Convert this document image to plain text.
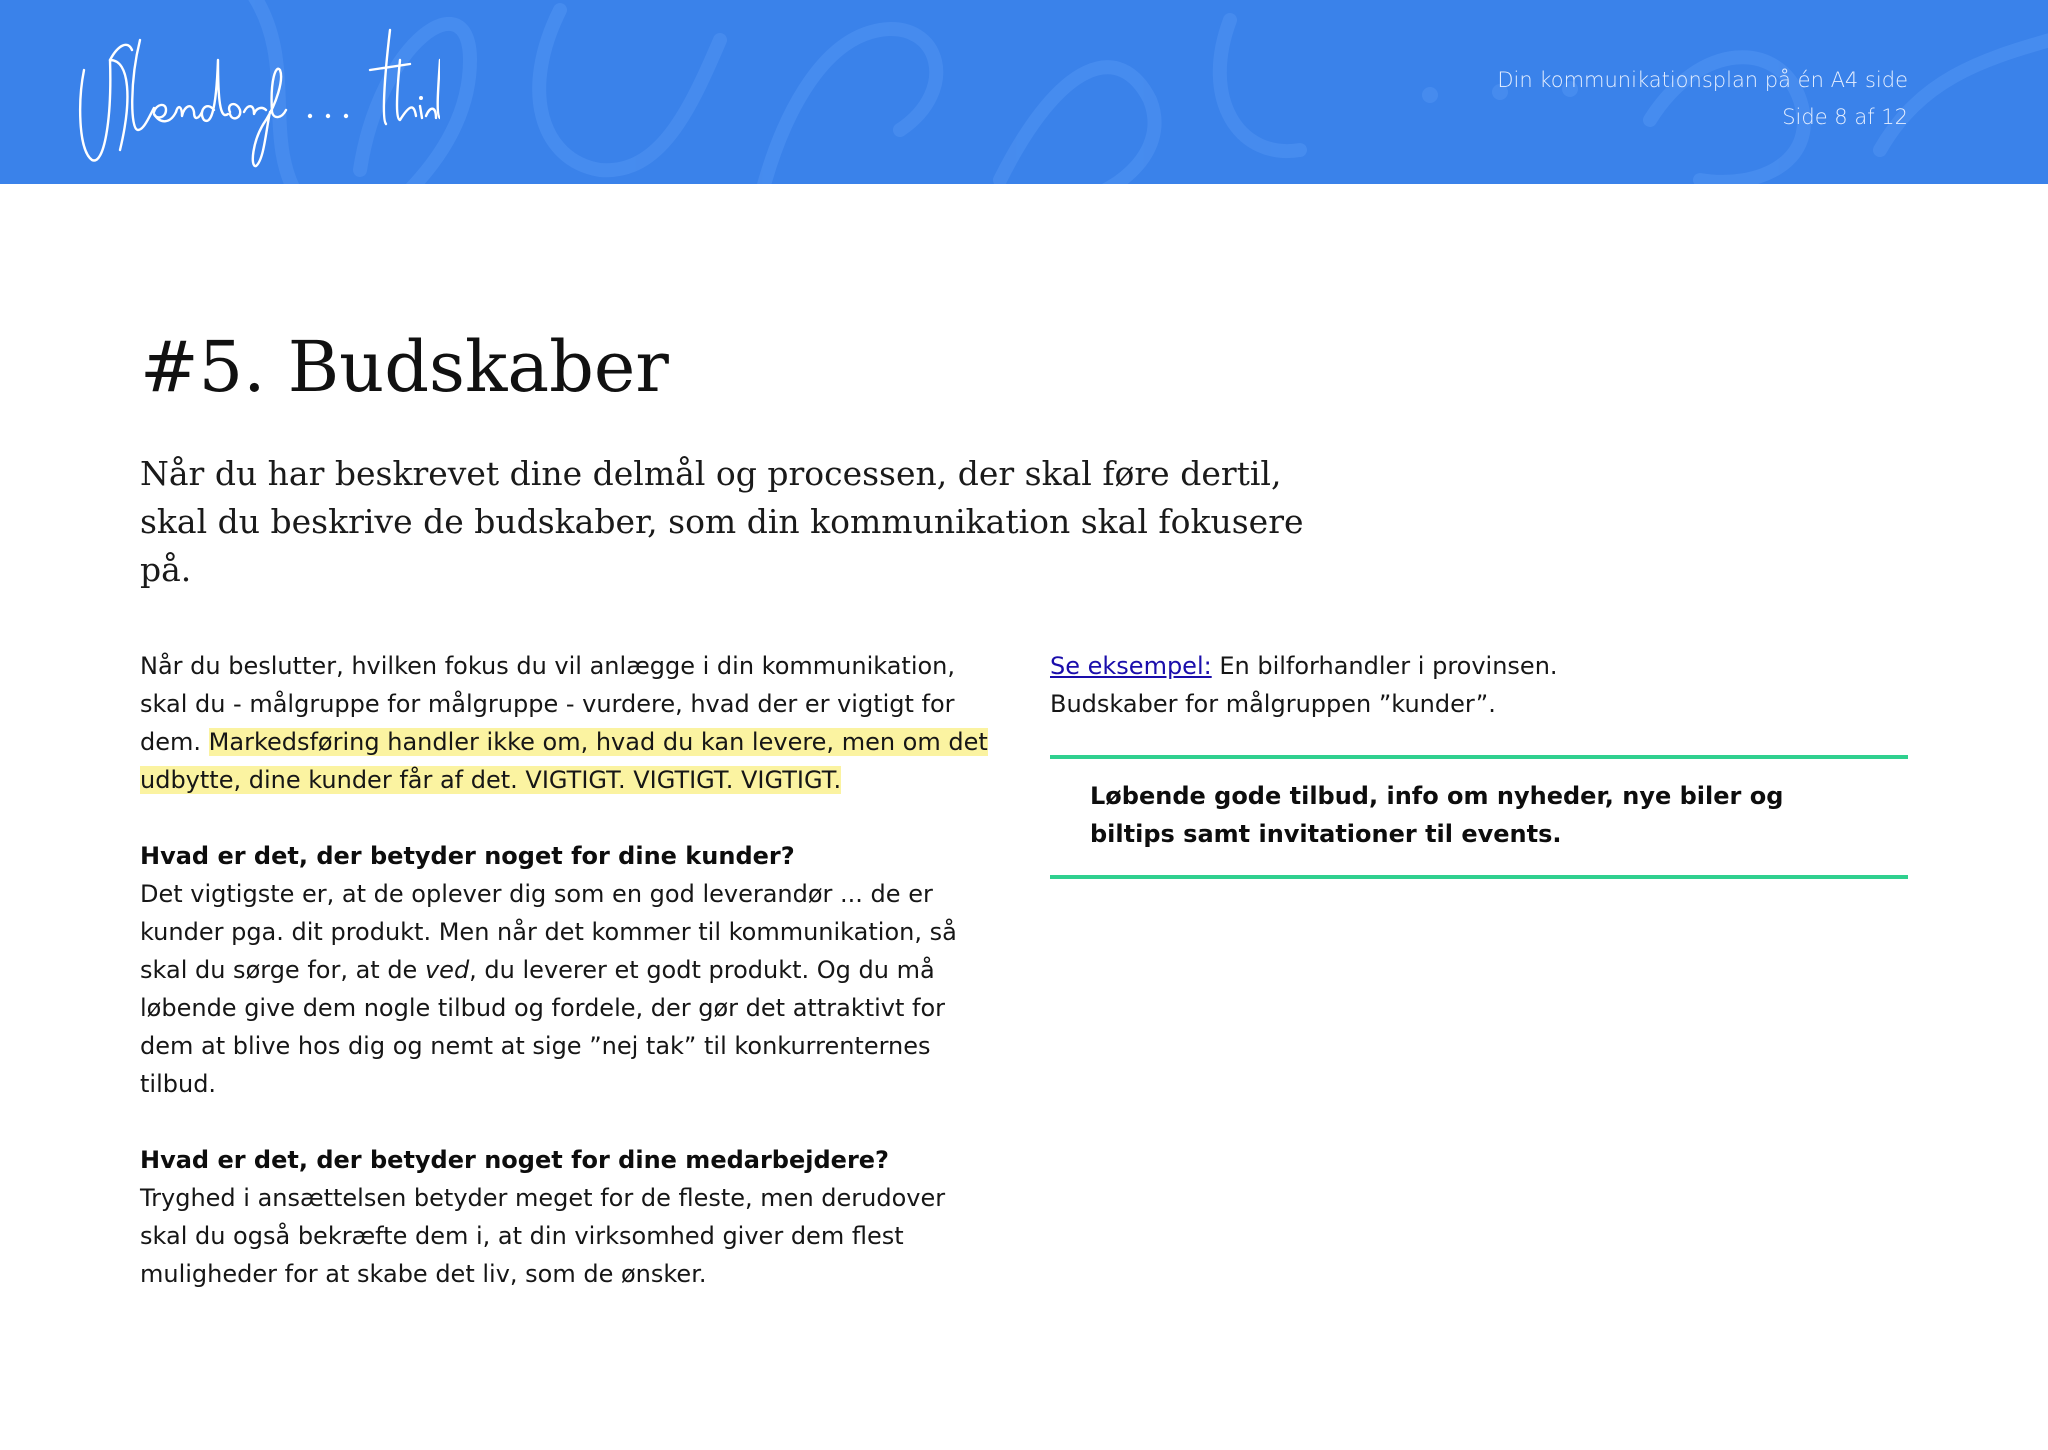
Din kommunikationsplan på én A4 side
Side 8 af 12
#5. Budskaber

Når du har beskrevet dine delmål og processen, der skal føre dertil, skal du beskrive de budskaber, som din kommunikation skal fokusere på.

Når du beslutter, hvilken fokus du vil anlægge i din kommunikation, skal du - målgruppe for målgruppe - vurdere, hvad der er vigtigt for dem. Markedsføring handler ikke om, hvad du kan levere, men om det udbytte, dine kunder får af det. VIGTIGT. VIGTIGT. VIGTIGT.

Hvad er det, der betyder noget for dine kunder?

Det vigtigste er, at de oplever dig som en god leverandør ... de er kunder pga. dit produkt. Men når det kommer til kommunikation, så skal du sørge for, at de ved, du leverer et godt produkt. Og du må løbende give dem nogle tilbud og fordele, der gør det attraktivt for dem at blive hos dig og nemt at sige ”nej tak” til konkurrenternes tilbud.

Hvad er det, der betyder noget for dine medarbejdere?

Tryghed i ansættelsen betyder meget for de fleste, men derudover skal du også bekræfte dem i, at din virksomhed giver dem flest muligheder for at skabe det liv, som de ønsker.

Se eksempel: En bilforhandler i provinsen.
Budskaber for målgruppen ”kunder”.
Løbende gode tilbud, info om nyheder, nye biler og biltips samt invitationer til events.
